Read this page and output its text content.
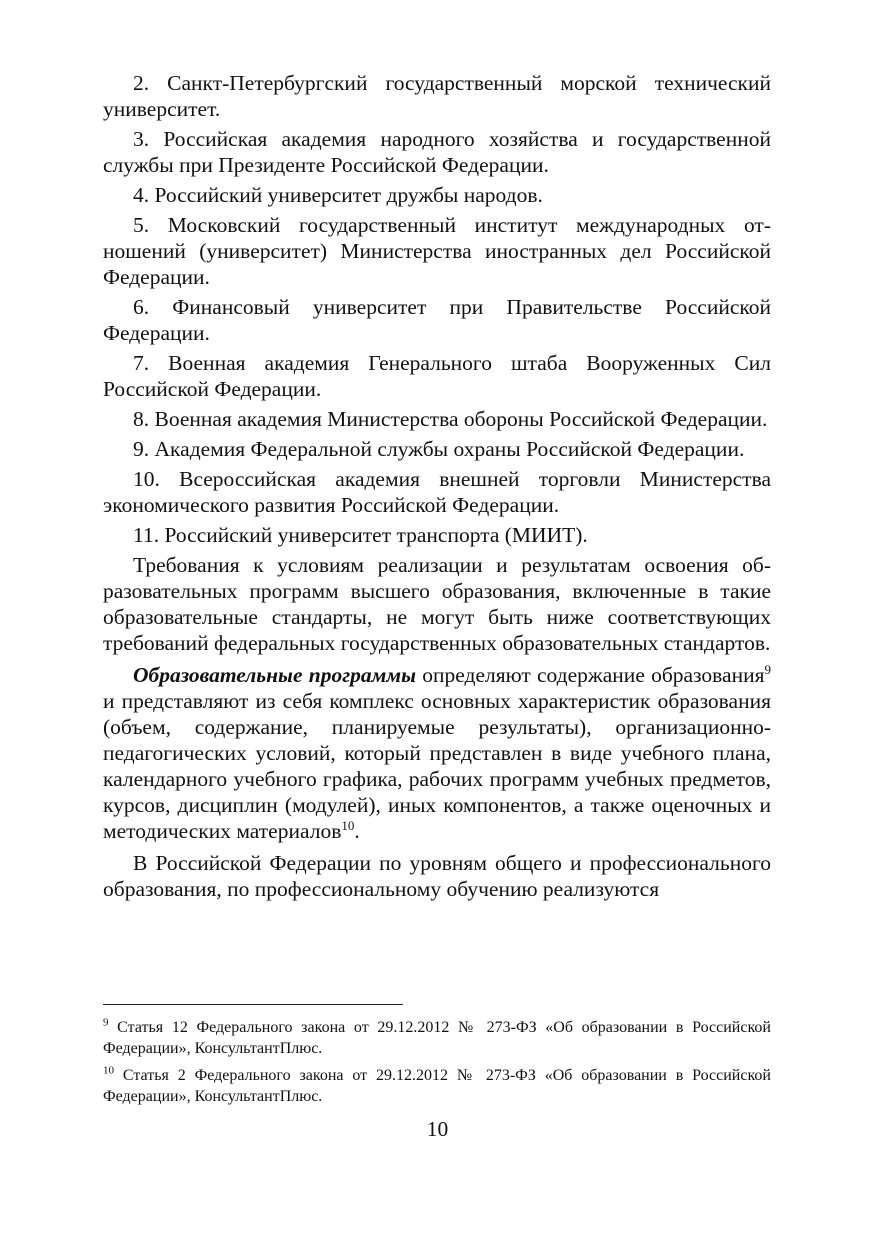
2. Санкт-Петербургский государственный морской технический университет.

3. Российская академия народного хозяйства и государственной службы при Президенте Российской Федерации.

4. Российский университет дружбы народов.

5. Московский государственный институт международных отношений (университет) Министерства иностранных дел Российской Федерации.

6. Финансовый университет при Правительстве Российской Федерации.

7. Военная академия Генерального штаба Вооруженных Сил Российской Федерации.

8. Военная академия Министерства обороны Российской Федерации.

9. Академия Федеральной службы охраны Российской Федерации.

10. Всероссийская академия внешней торговли Министерства экономического развития Российской Федерации.

11. Российский университет транспорта (МИИТ).

Требования к условиям реализации и результатам освоения образовательных программ высшего образования, включенные в такие образовательные стандарты, не могут быть ниже соответствующих требований федеральных государственных образовательных стандартов.

Образовательные программы определяют содержание образования$^9$ и представляют из себя комплекс основных характеристик образования (объем, содержание, планируемые результаты), организационно-педагогических условий, который представлен в виде учебного плана, календарного учебного графика, рабочих программ учебных предметов, курсов, дисциплин (модулей), иных компонентов, а также оценочных и методических материалов$^{10}$.

В Российской Федерации по уровням общего и профессионального образования, по профессиональному обучению реализуются

$^9$ Статья 12 Федерального закона от 29.12.2012 № 273-ФЗ «Об образовании в Российской Федерации», КонсультантПлюс.

$^{10}$ Статья 2 Федерального закона от 29.12.2012 № 273-ФЗ «Об образовании в Российской Федерации», КонсультантПлюс.

10
